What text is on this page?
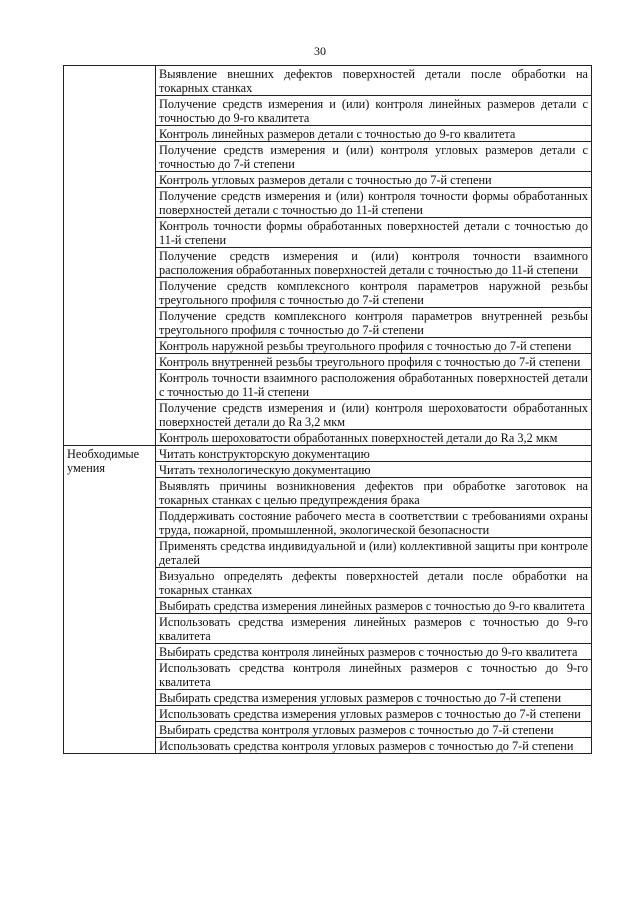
30
	Выявление внешних дефектов поверхностей детали после обработки на токарных станках
	Получение средств измерения и (или) контроля линейных размеров детали с точностью до 9-го квалитета
	Контроль линейных размеров детали с точностью до 9-го квалитета
	Получение средств измерения и (или) контроля угловых размеров детали с точностью до 7-й степени
	Контроль угловых размеров детали с точностью до 7-й степени
	Получение средств измерения и (или) контроля точности формы обработанных поверхностей детали с точностью до 11-й степени
	Контроль точности формы обработанных поверхностей детали с точностью до 11-й степени
	Получение средств измерения и (или) контроля точности взаимного расположения обработанных поверхностей детали с точностью до 11-й степени
	Получение средств комплексного контроля параметров наружной резьбы треугольного профиля с точностью до 7-й степени
	Получение средств комплексного контроля параметров внутренней резьбы треугольного профиля с точностью до 7-й степени
	Контроль наружной резьбы треугольного профиля с точностью до 7-й степени
	Контроль внутренней резьбы треугольного профиля с точностью до 7-й степени
	Контроль точности взаимного расположения обработанных поверхностей детали с точностью до 11-й степени
	Получение средств измерения и (или) контроля шероховатости обработанных поверхностей детали до Ra 3,2 мкм
	Контроль шероховатости обработанных поверхностей детали до Ra 3,2 мкм
Необходимые умения	Читать конструкторскую документацию
	Читать технологическую документацию
	Выявлять причины возникновения дефектов при обработке заготовок на токарных станках с целью предупреждения брака
	Поддерживать состояние рабочего места в соответствии с требованиями охраны труда, пожарной, промышленной, экологической безопасности
	Применять средства индивидуальной и (или) коллективной защиты при контроле деталей
	Визуально определять дефекты поверхностей детали после обработки на токарных станках
	Выбирать средства измерения линейных размеров с точностью до 9-го квалитета
	Использовать средства измерения линейных размеров с точностью до 9-го квалитета
	Выбирать средства контроля линейных размеров с точностью до 9-го квалитета
	Использовать средства контроля линейных размеров с точностью до 9-го квалитета
	Выбирать средства измерения угловых размеров с точностью до 7-й степени
	Использовать средства измерения угловых размеров с точностью до 7-й степени
	Выбирать средства контроля угловых размеров с точностью до 7-й степени
	Использовать средства контроля угловых размеров с точностью до 7-й степени
